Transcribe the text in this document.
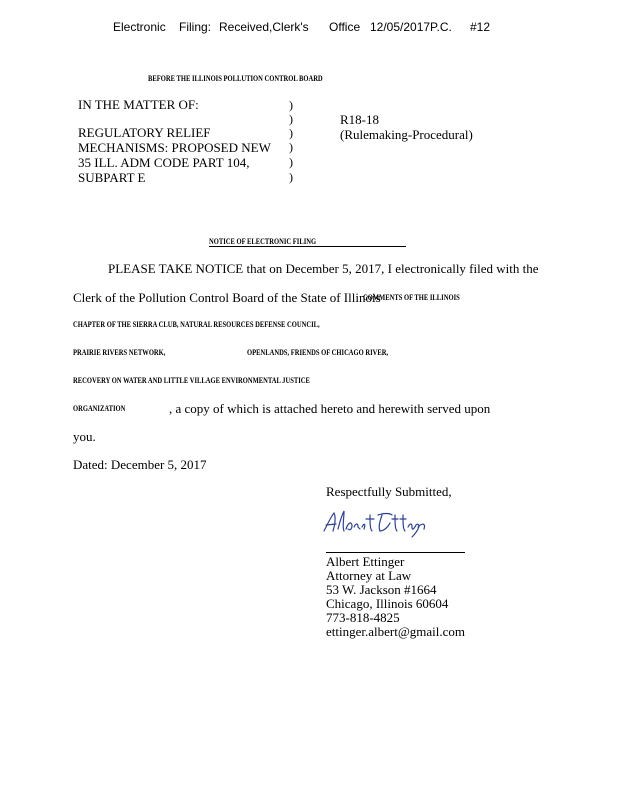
Electronic Filing: Received,Clerk's Office 12/05/2017P.C. #12
BEFORE THE ILLINOIS POLLUTION CONTROL BOARD
IN THE MATTER OF:
REGULATORY RELIEF
MECHANISMS: PROPOSED NEW
35 ILL. ADM CODE PART 104,
SUBPART E
)
)
)
)
)
)
R18-18
(Rulemaking-Procedural)
NOTICE OF ELECTRONIC FILING
PLEASE TAKE NOTICE that on December 5, 2017, I electronically filed with the
Clerk of the Pollution Control Board of the State of Illinois
COMMENTS OF THE ILLINOIS
CHAPTER OF THE SIERRA CLUB, NATURAL RESOURCES DEFENSE COUNCIL,
PRAIRIE RIVERS NETWORK,	OPENLANDS, FRIENDS OF CHICAGO RIVER,
RECOVERY ON WATER AND LITTLE VILLAGE ENVIRONMENTAL JUSTICE
ORGANIZATION	, a copy of which is attached hereto and herewith served upon
you.
Dated: December 5, 2017
Respectfully Submitted,
Albert Ettinger
Attorney at Law
53 W. Jackson #1664
Chicago, Illinois 60604
773-818-4825
ettinger.albert@gmail.com
